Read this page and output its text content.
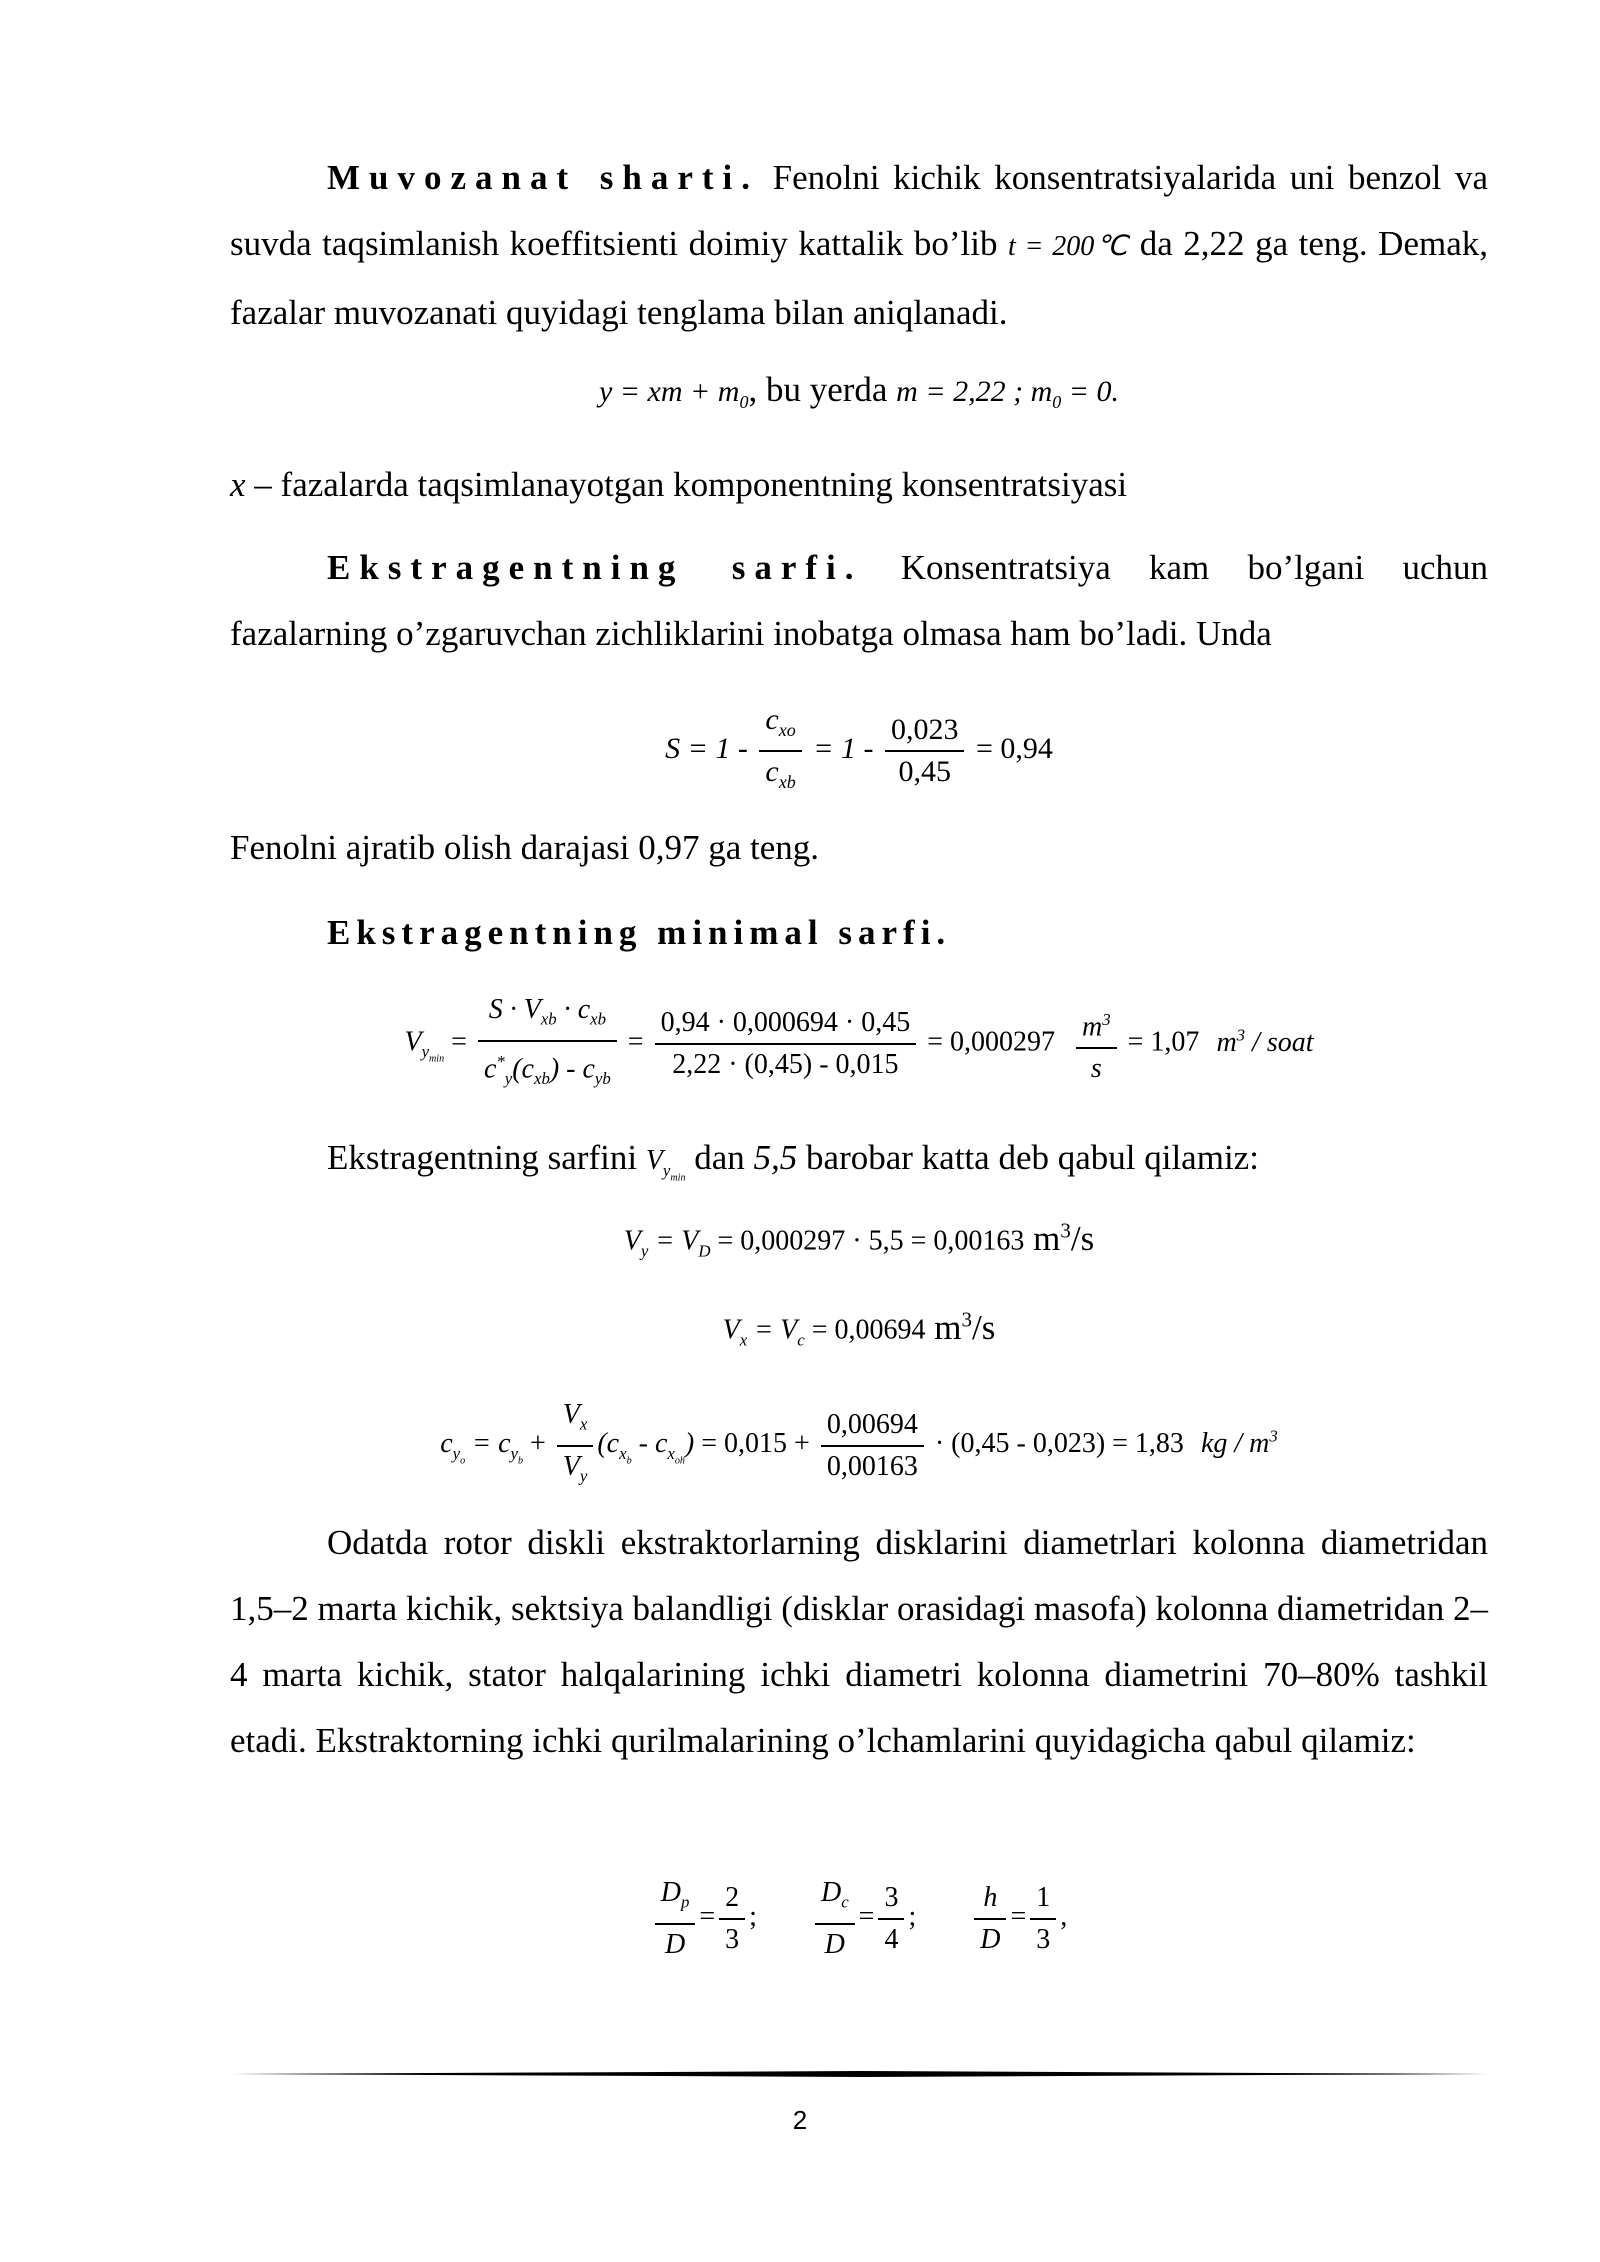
Muvozanat sharti. Fenolni kichik konsentratsiyalarida uni benzol va suvda taqsimlanish koeffitsienti doimiy kattalik bo’lib t = 200℃ da 2,22 ga teng. Demak, fazalar muvozanati quyidagi tenglama bilan aniqlanadi.

y = xm + $m_0$, bu yerda m = 2,22 ; $m_0 = 0$.

x – fazalarda taqsimlanayotgan komponentning konsentratsiyasi

Ekstragentning sarfi. Konsentratsiya kam bo’lgani uchun fazalarning o’zgaruvchan zichliklarini inobatga olmasa ham bo’ladi. Unda

$S = 1 - \frac{c_{xo}}{c_{xb}} = 1 - \frac{0,023}{0,45} = 0,94$

Fenolni ajratib olish darajasi 0,97 ga teng.

Ekstragentning minimal sarfi.

$V_{y_{min}} = \frac{S \cdot V_{xb} \cdot c_{xb}}{c^*_y(c_{xb}) - c_{yb}} = \frac{0,94 \cdot 0,000694 \cdot 0,45}{2,22 \cdot (0,45) - 0,015} = 0,000297 \frac{m^3}{s} = 1,07$ $m^3$ / soat

Ekstragentning sarfini $V_{y_{min}}$ dan 5,5 barobar katta deb qabul qilamiz:

$V_y = V_D = 0,000297 \cdot 5,5 = 0,00163$ $m^3/s$
$V_x = V_c = 0,00694$ $m^3/s$
$c_{y_o} = c_{y_b} + \frac{V_x}{V_y} (c_{x_b} - c_{x_{oh}}) = 0,015 + \frac{0,00694}{0,00163} \cdot (0,45 - 0,023) = 1,83$ kg / $m^3$

Odatda rotor diskli ekstraktorlarning disklarini diametrlari kolonna diametridan 1,5–2 marta kichik, sektsiya balandligi (disklar orasidagi masofa) kolonna diametridan 2–4 marta kichik, stator halqalarining ichki diametri kolonna diametrini 70–80% tashkil etadi. Ekstraktorning ichki qurilmalarining o’lchamlarini quyidagicha qabul qilamiz:

$\frac{D_p}{D} = \frac{2}{3}$ ; $\frac{D_c}{D} = \frac{3}{4}$ ; $\frac{h}{D} = \frac{1}{3}$ ,
2
